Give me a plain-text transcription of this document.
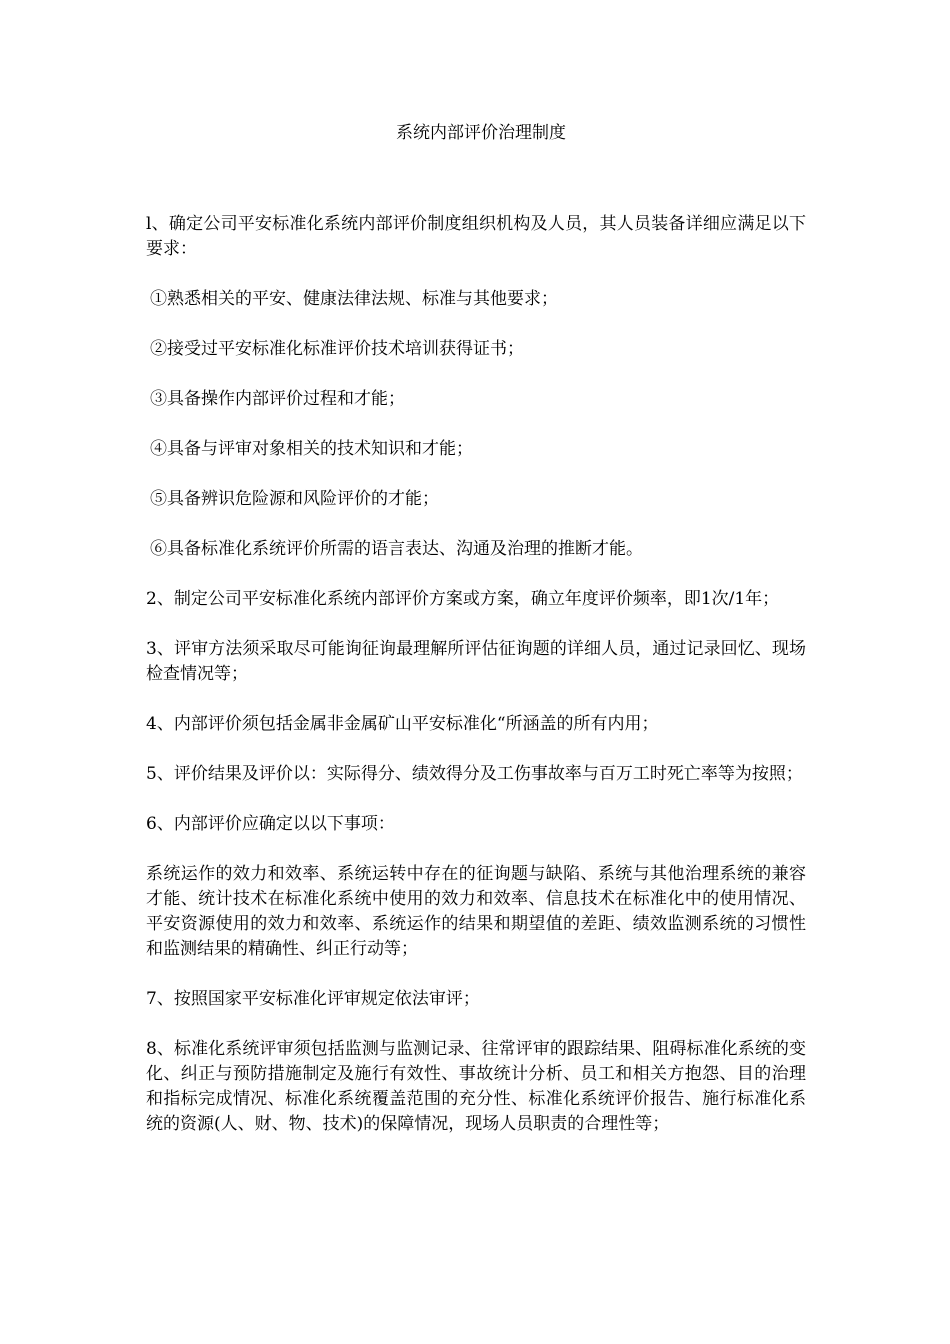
系统内部评价治理制度

l、确定公司平安标准化系统内部评价制度组织机构及人员，其人员装备详细应满足以下要求：

①熟悉相关的平安、健康法律法规、标准与其他要求；

②接受过平安标准化标准评价技术培训获得证书；

③具备操作内部评价过程和才能；

④具备与评审对象相关的技术知识和才能；

⑤具备辨识危险源和风险评价的才能；

⑥具备标准化系统评价所需的语言表达、沟通及治理的推断才能。

2、制定公司平安标准化系统内部评价方案或方案，确立年度评价频率，即1次/1年；

3、评审方法须采取尽可能询征询最理解所评估征询题的详细人员，通过记录回忆、现场检查情况等；

4、内部评价须包括金属非金属矿山平安标准化“所涵盖的所有内用；

5、评价结果及评价以：实际得分、绩效得分及工伤事故率与百万工时死亡率等为按照；

6、内部评价应确定以以下事项：

系统运作的效力和效率、系统运转中存在的征询题与缺陷、系统与其他治理系统的兼容才能、统计技术在标准化系统中使用的效力和效率、信息技术在标准化中的使用情况、平安资源使用的效力和效率、系统运作的结果和期望值的差距、绩效监测系统的习惯性和监测结果的精确性、纠正行动等；

7、按照国家平安标准化评审规定依法审评；

8、标准化系统评审须包括监测与监测记录、往常评审的跟踪结果、阻碍标准化系统的变化、纠正与预防措施制定及施行有效性、事故统计分析、员工和相关方抱怨、目的治理和指标完成情况、标准化系统覆盖范围的充分性、标准化系统评价报告、施行标准化系统的资源(人、财、物、技术)的保障情况，现场人员职责的合理性等；
